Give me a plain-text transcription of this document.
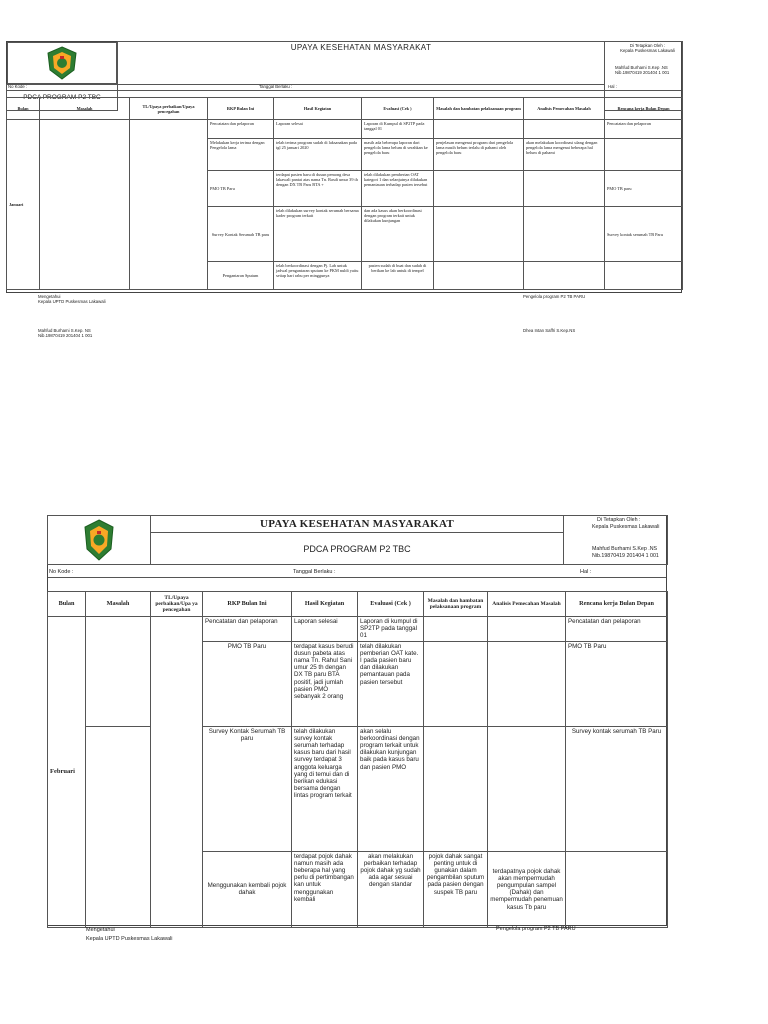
UPAYA KESEHATAN MASYARAKAT	Di Tetapkan Oleh :
Kepala Puskesmas Lakawali
Mahfud Burhami S.Kep .NS
Nib.19870419 201404 1 001

PDCA PROGRAM P2 TBC
No Kode :	Tanggal Berlaku :	Hal :
Bulan	Masalah	TL/Upaya perbaikan/Upaya pencegahan	RKP Bulan Ini	Hasil Kegiatan	Evaluasi (Cek )	Masalah dan hambatan pelaksanaan program	Analisis Pemecahan Masalah	Rencana kerja Bulan Depan
Januari			Pencatatan dan pelaporan	Laporan selesai	Laporan di Kumpul di SP2TP pada tanggal 01			Pencatatan dan pelaporan
			Melakukan kerja terima dengan Pengelola lama	telah terima program sudah di laksanakan pada tgl 25 januari 2020	masih ada beberapa laporan dari pengelola lama belum di serahkan ke pengelola baru	penjelasan mengenai program dari pengelola lama masih belum terlalu di pahami oleh pengelola baru	akan melakukan koordinasi ulang dengan pengelola lama mengenai beberapa hal belum di pahami	
			PMO TB Paru	terdapat pasien baru di dusun pemong desa lakawali pantai atas nama Tn. Rasdi umur 39 th dengan DX TB Paru BTA +	telah dilakukan pemberian OAT kategori 1 dan selanjutnya dilakukan pemantauan terhadap pasien tersebut			PMO TB paru
			Survey Kontak Serumah TB paru	telah dilakukan survey kontak serumah bersama kader program terkait	dan ada kasus akan berkoordinasi dengan program terkait untuk dilakukan kunjungan			Survey kontak serumah TB Paru
			Pengantaran Sputum	telah berkoordinasi dengan Pj. Lab untuk jadwal pengantaran sputum ke PKM nuldi yaitu setiap hari rabu per minggunya	pasien sudah di buat dan sudah di berikan ke lab untuk di tempel			
Mengetahui
Kepala UPTD Puskesmas Lakawali
Mahfud Burhami S.Kep. NS
Nib.19870419 201404 1 001
Pengelola program P2 TB PARU
Dhea Intan Saffri S.Kep.NS
	UPAYA KESEHATAN MASYARAKAT	Di Tetapkan Oleh :
Kepala Puskesmas Lakawali
Mahfud Burhami S.Kep .NS
Nib.19870419 201404 1 001

PDCA PROGRAM P2 TBC
No Kode :	Tanggal Berlaku :	Hal :
Bulan	Masalah	TL/Upaya perbaikan/Upa ya pencegahan	RKP Bulan Ini	Hasil Kegiatan	Evaluasi (Cek )	Masalah dan hambatan pelaksanaan program	Analisis Pemecahan Masalah	Rencana kerja Bulan Depan
Februari			Pencatatan dan pelaporan	Laporan selesai	Laporan di kumpul di SP2TP pada tanggal 01			Pencatatan dan pelaporan
			PMO TB Paru	terdapat kasus berudi dusun pabeta atas nama Tn. Rahul Sani umur 25 th dengan DX TB paru BTA positif, jadi jumlah pasien PMO sebanyak 2 orang	telah dilakukan pemberian OAT kate. I pada pasien baru dan dilakukan pemantauan pada pasien tersebut			PMO TB Paru
			Survey Kontak Serumah TB paru	telah dilakukan survey kontak serumah terhadap kasus baru dari hasil survey terdapat 3 anggota keluarga yang di temui dan di berikan edukasi bersama dengan lintas program terkait	akan selalu berkoordinasi dengan program terkait untuk dilakukan kunjungan baik pada kasus baru dan pasien PMO			Survey kontak serumah TB Paru
			Menggunakan kembali pojok dahak	terdapat pojok dahak namun masih ada beberapa hal yang perlu di pertimbangan kan untuk menggunakan kembali	akan melakukan perbaikan terhadap pojok dahak yg sudah ada agar sesuai dengan standar	pojok dahak sangat penting untuk di gunakan dalam pengambilan sputum pada pasien dengan suspek TB paru	terdapatnya pojok dahak akan mempermudah pengumpulan sampel (Dahak) dan mempermudah penemuan kasus Tb paru	
Mengetahui
Kepala UPTD Puskesmas Lakawali
Pengelola program P2 TB PARU
